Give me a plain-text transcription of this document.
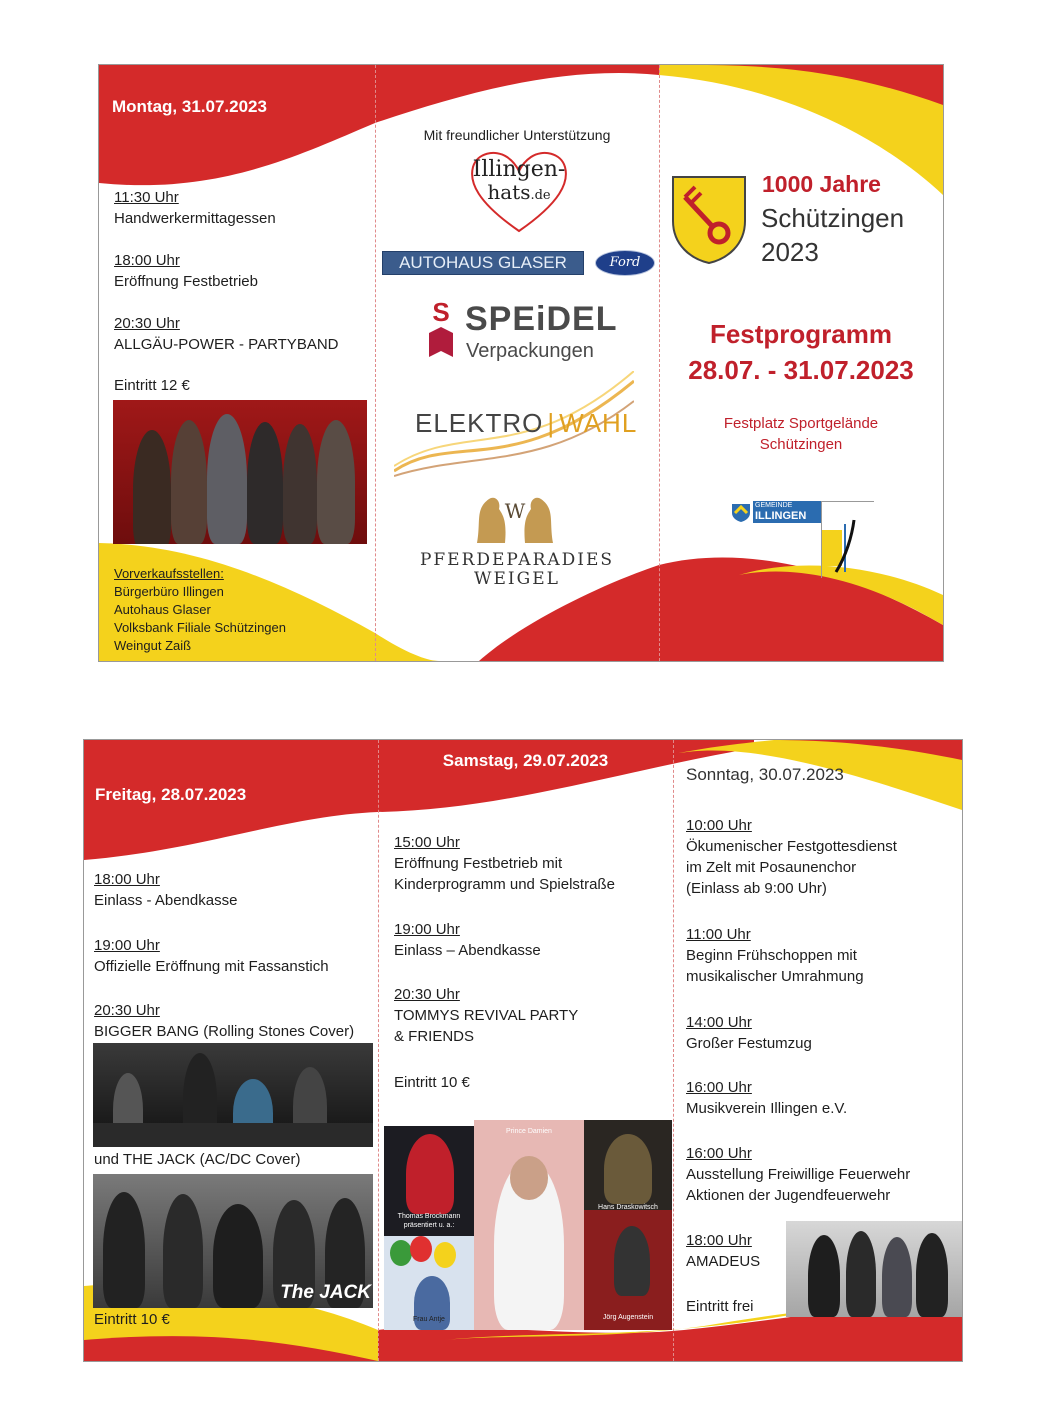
Montag, 31.07.2023
11:30 Uhr
Handwerkermittagessen
18:00 Uhr
Eröffnung Festbetrieb
20:30 Uhr
ALLGÄU-POWER - PARTYBAND
Eintritt 12 €
Vorverkaufsstellen:
Bürgerbüro Illingen
Autohaus Glaser
Volksbank Filiale Schützingen
Weingut Zaiß
Mit freundlicher Unterstützung
Illingen-
hats.de
AUTOHAUS GLASER	Ford
S SPEiDEL
Verpackungen
ELEKTRO | WAHL
W
PFERDEPARADIES
WEIGEL
1000 Jahre
Schützingen
2023
Festprogramm
28.07. - 31.07.2023
Festplatz Sportgelände
Schützingen
GEMEINDE
ILLINGEN
Freitag, 28.07.2023
18:00 Uhr
Einlass - Abendkasse
19:00 Uhr
Offizielle Eröffnung mit Fassanstich
20:30 Uhr
BIGGER BANG (Rolling Stones Cover)
und THE JACK (AC/DC Cover)
The JACK
Eintritt 10 €
Samstag, 29.07.2023
15:00 Uhr
Eröffnung Festbetrieb mit
Kinderprogramm und Spielstraße
19:00 Uhr
Einlass – Abendkasse
20:30 Uhr
TOMMYS REVIVAL PARTY
& FRIENDS
Eintritt 10 €
Thomas Brockmann
präsentiert u. a.:
Prince Damien
Hans Draskowitsch
Frau Antje	Jörg Augenstein
Sonntag, 30.07.2023
10:00 Uhr
Ökumenischer Festgottesdienst
im Zelt mit Posaunenchor
(Einlass ab 9:00 Uhr)
11:00 Uhr
Beginn Frühschoppen mit
musikalischer Umrahmung
14:00 Uhr
Großer Festumzug
16:00 Uhr
Musikverein Illingen e.V.
16:00 Uhr
Ausstellung Freiwillige Feuerwehr
Aktionen der Jugendfeuerwehr
18:00 Uhr
AMADEUS
Eintritt frei
